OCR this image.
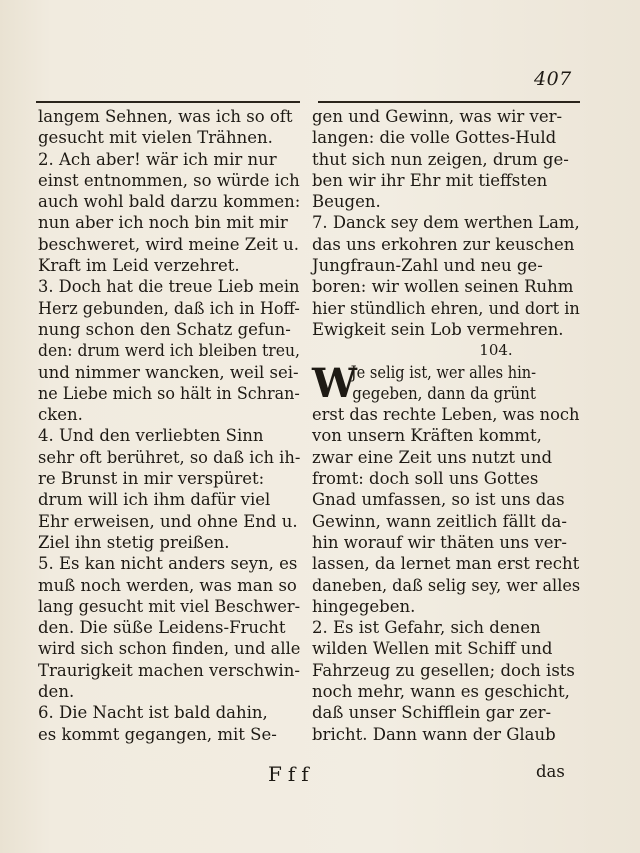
407
langem Sehnen, was ich so oft
gesucht mit vielen Trähnen.
2. Ach aber! wär ich mir nur
einst entnommen, so würde ich
auch wohl bald darzu kommen:
nun aber ich noch bin mit mir
beschweret, wird meine Zeit u.
Kraft im Leid verzehret.
3. Doch hat die treue Lieb mein
Herz gebunden, daß ich in Hoff-
nung schon den Schatz gefun-
den: drum werd ich bleiben treu,
und nimmer wancken, weil sei-
ne Liebe mich so hält in Schran-
cken.
4. Und den verliebten Sinn
sehr oft berühret, so daß ich ih-
re Brunst in mir verspüret:
drum will ich ihm dafür viel
Ehr erweisen, und ohne End u.
Ziel ihn stetig preißen.
5. Es kan nicht anders seyn, es
muß noch werden, was man so
lang gesucht mit viel Beschwer-
den. Die süße Leidens-Frucht
wird sich schon finden, und alle
Traurigkeit machen verschwin-
den.
6. Die Nacht ist bald dahin,
es kommt gegangen, mit Se-
gen und Gewinn, was wir ver-
langen: die volle Gottes-Huld
thut sich nun zeigen, drum ge-
ben wir ihr Ehr mit tieffsten
Beugen.
7. Danck sey dem werthen Lam,
das uns erkohren zur keuschen
Jungfraun-Zahl und neu ge-
boren: wir wollen seinen Ruhm
hier stündlich ehren, und dort in
Ewigkeit sein Lob vermehren.
104.
W
Je selig ist, wer alles hin-
gegeben, dann da grünt
erst das rechte Leben, was noch
von unsern Kräften kommt,
zwar eine Zeit uns nutzt und
fromt: doch soll uns Gottes
Gnad umfassen, so ist uns das
Gewinn, wann zeitlich fällt da-
hin worauf wir thäten uns ver-
lassen, da lernet man erst recht
daneben, daß selig sey, wer alles
hingegeben.
2. Es ist Gefahr, sich denen
wilden Wellen mit Schiff und
Fahrzeug zu gesellen; doch ists
noch mehr, wann es geschicht,
daß unser Schifflein gar zer-
bricht. Dann wann der Glaub
Fff	das
